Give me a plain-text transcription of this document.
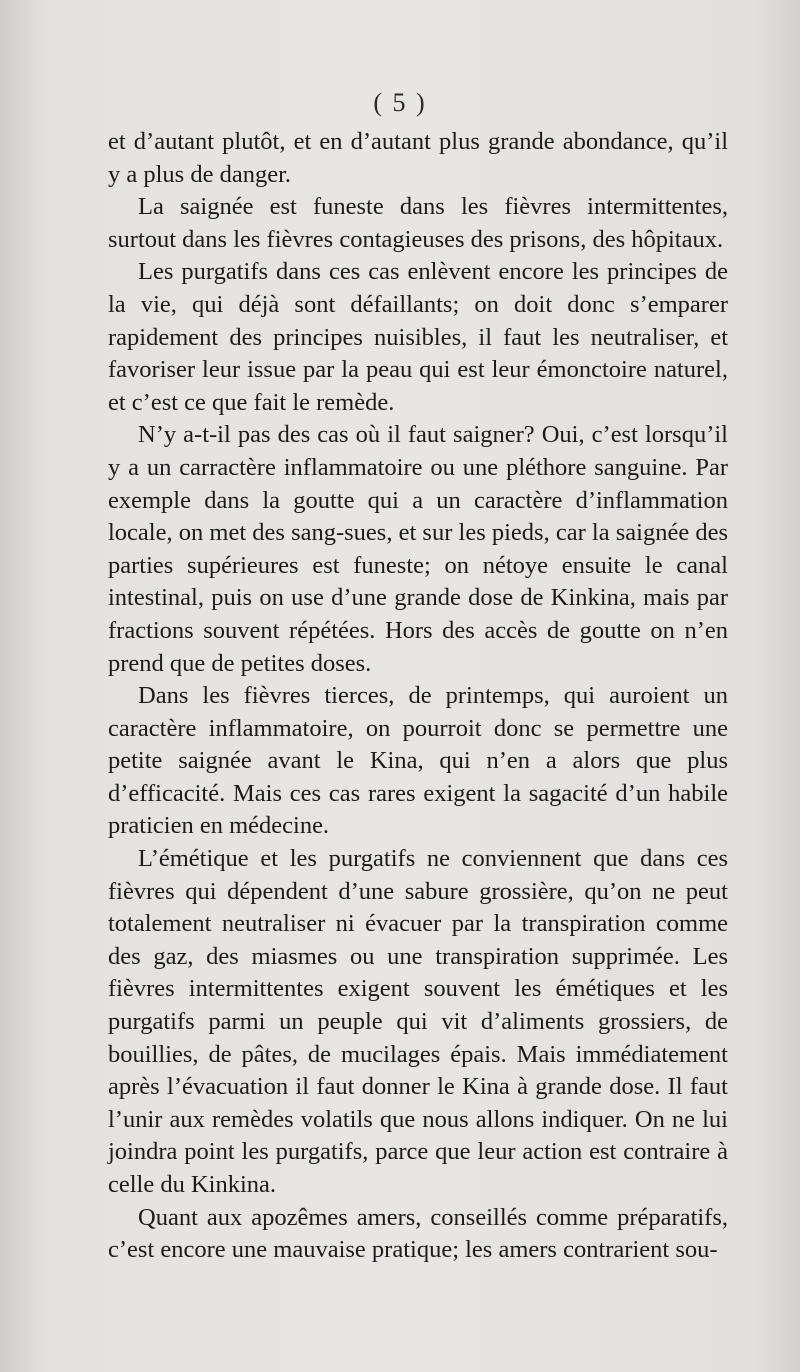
( 5 )

et d’autant plutôt, et en d’autant plus grande abondance, qu’il y a plus de danger.

La saignée est funeste dans les fièvres intermittentes, surtout dans les fièvres contagieuses des prisons, des hôpitaux.

Les purgatifs dans ces cas enlèvent encore les principes de la vie, qui déjà sont défaillants; on doit donc s’emparer rapidement des principes nuisibles, il faut les neutraliser, et favoriser leur issue par la peau qui est leur émonctoire naturel, et c’est ce que fait le remède.

N’y a-t-il pas des cas où il faut saigner? Oui, c’est lorsqu’il y a un carractère inflammatoire ou une pléthore sanguine. Par exemple dans la goutte qui a un caractère d’inflammation locale, on met des sang-sues, et sur les pieds, car la saignée des parties supérieures est funeste; on nétoye ensuite le canal intestinal, puis on use d’une grande dose de Kinkina, mais par fractions souvent répétées. Hors des accès de goutte on n’en prend que de petites doses.

Dans les fièvres tierces, de printemps, qui auroient un caractère inflammatoire, on pourroit donc se permettre une petite saignée avant le Kina, qui n’en a alors que plus d’efficacité. Mais ces cas rares exigent la sagacité d’un habile praticien en médecine.

L’émétique et les purgatifs ne conviennent que dans ces fièvres qui dépendent d’une sabure grossière, qu’on ne peut totalement neutraliser ni évacuer par la transpiration comme des gaz, des miasmes ou une transpiration supprimée. Les fièvres intermittentes exigent souvent les émétiques et les purgatifs parmi un peuple qui vit d’aliments grossiers, de bouillies, de pâtes, de mucilages épais. Mais immédiatement après l’évacuation il faut donner le Kina à grande dose. Il faut l’unir aux remèdes volatils que nous allons indiquer. On ne lui joindra point les purgatifs, parce que leur action est contraire à celle du Kinkina.

Quant aux apozêmes amers, conseillés comme préparatifs, c’est encore une mauvaise pratique; les amers contrarient sou-
